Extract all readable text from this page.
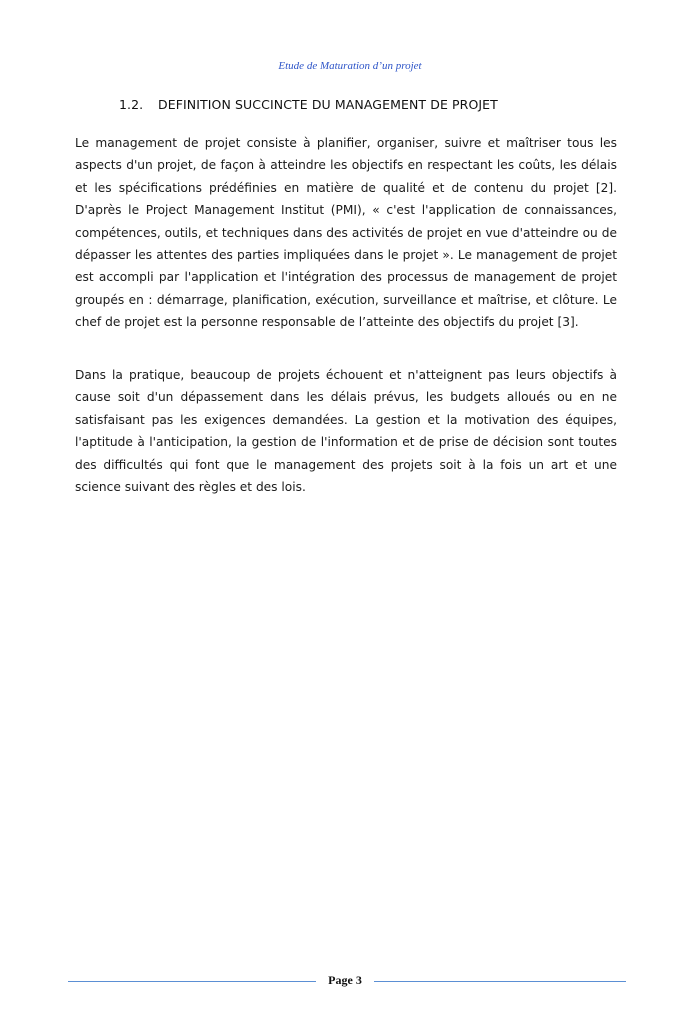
Etude de Maturation d’un projet
1.2. DEFINITION SUCCINCTE DU MANAGEMENT DE PROJET

Le management de projet consiste à planifier, organiser, suivre et maîtriser tous les aspects d'un projet, de façon à atteindre les objectifs en respectant les coûts, les délais et les spécifications prédéfinies en matière de qualité et de contenu du projet [2]. D'après le Project Management Institut (PMI), « c'est l'application de connaissances, compétences, outils, et techniques dans des activités de projet en vue d'atteindre ou de dépasser les attentes des parties impliquées dans le projet ». Le management de projet est accompli par l'application et l'intégration des processus de management de projet groupés en : démarrage, planification, exécution, surveillance et maîtrise, et clôture. Le chef de projet est la personne responsable de l’atteinte des objectifs du projet [3].

Dans la pratique, beaucoup de projets échouent et n'atteignent pas leurs objectifs à cause soit d'un dépassement dans les délais prévus, les budgets alloués ou en ne satisfaisant pas les exigences demandées. La gestion et la motivation des équipes, l'aptitude à l'anticipation, la gestion de l'information et de prise de décision sont toutes des difficultés qui font que le management des projets soit à la fois un art et une science suivant des règles et des lois.

Page 3
